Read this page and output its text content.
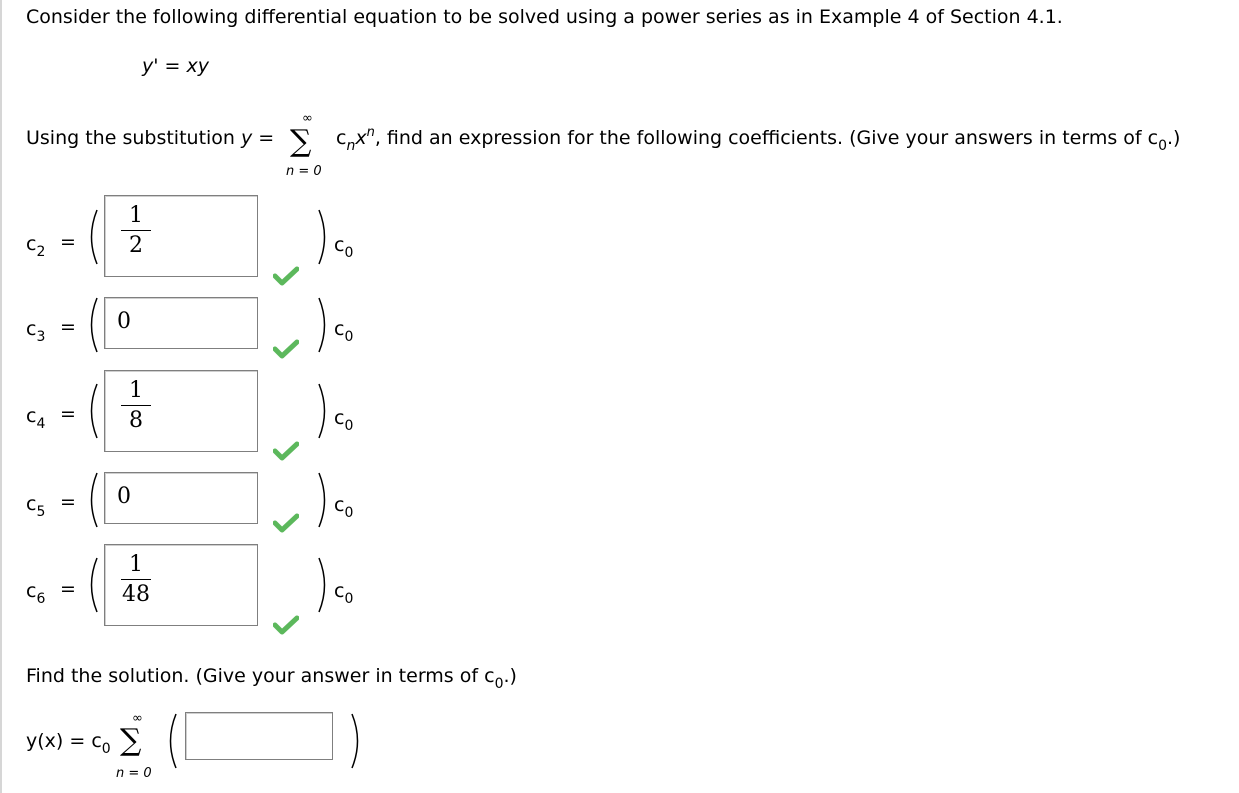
Consider the following differential equation to be solved using a power series as in Example 4 of Section 4.1.
y' = xy
Using the substitution y =
∞
∑
n = 0
$c_nx^n$, find an expression for the following coefficients. (Give your answers in terms of $c_0$.)
$c_2$ =
1
2	$c_0$
$c_3 = 0$	$c_0$
$c_4$ =
1
8	$c_0$
$c_5 = 0$	$c_0$
$c_6$ =
1
48	$c_0$
Find the solution. (Give your answer in terms of $c_0$.)
$y(x) = c_0$
∞
∑
n = 0
